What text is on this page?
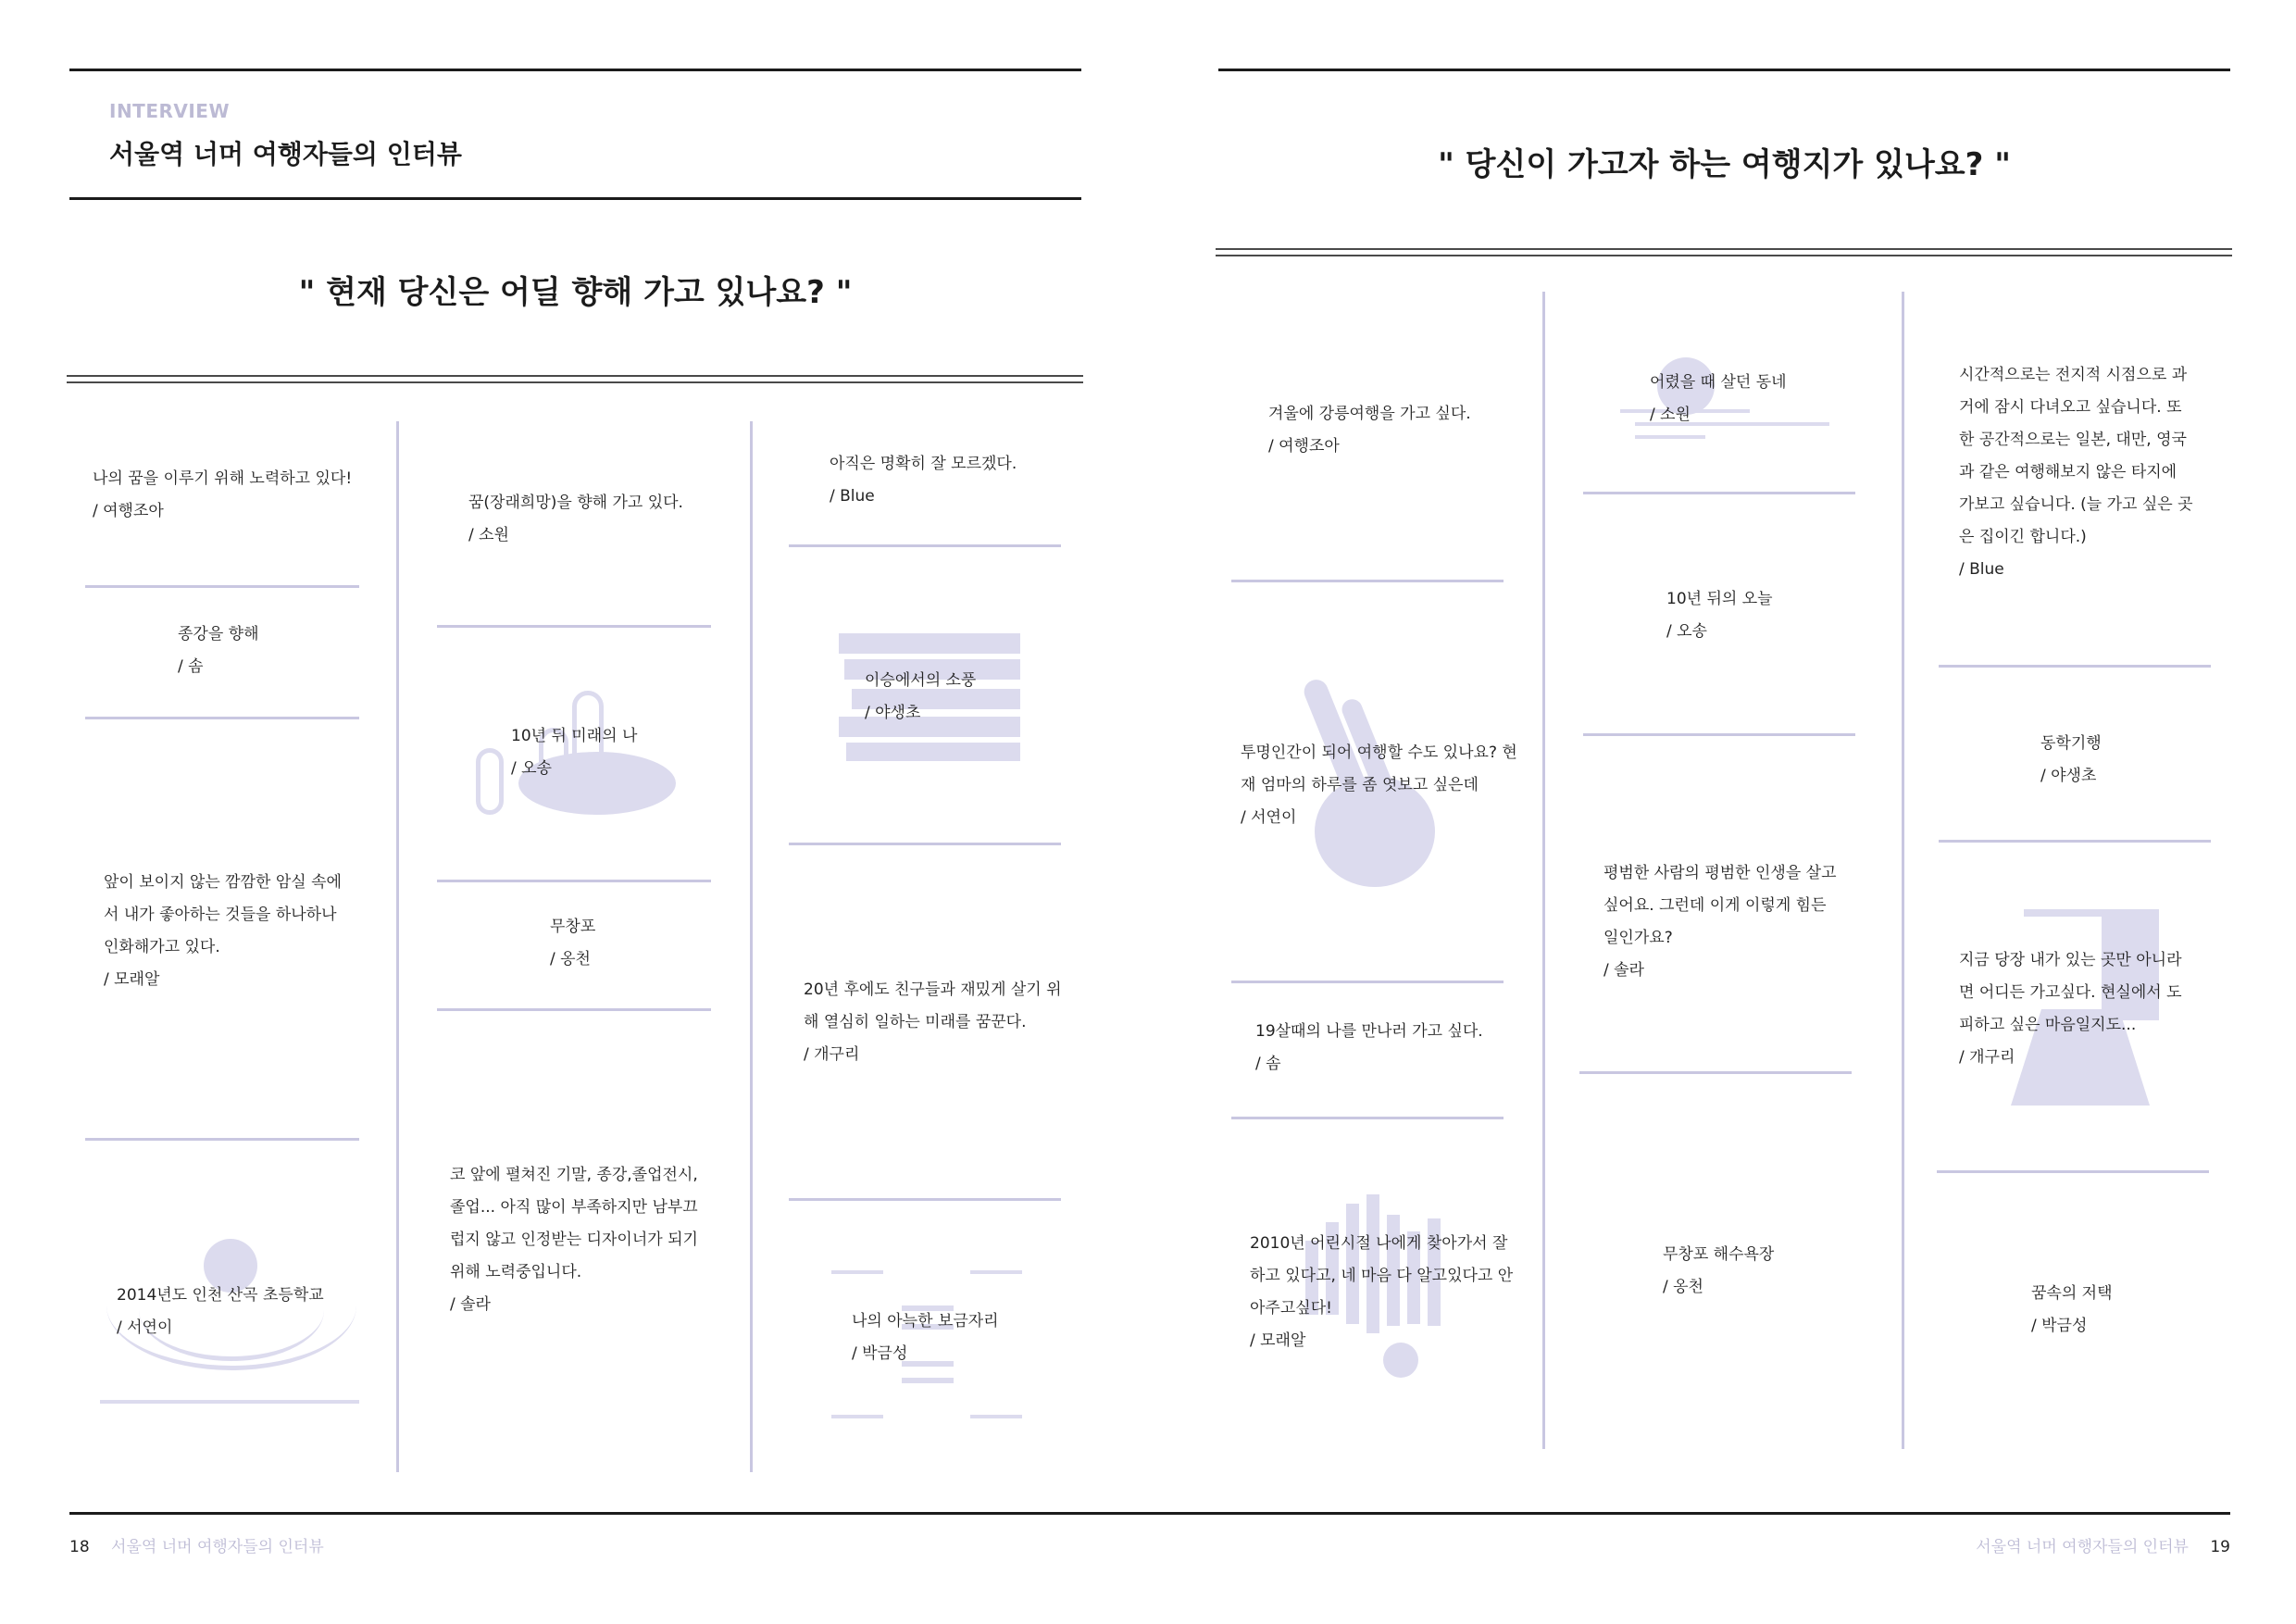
INTERVIEW
서울역 너머 여행자들의 인터뷰
" 현재 당신은 어딜 향해 가고 있나요? "

나의 꿈을 이루기 위해 노력하고 있다!

/ 여행조아

종강을 향해

/ 솜

앞이 보이지 않는 깜깜한 암실 속에서 내가 좋아하는 것들을 하나하나 인화해가고 있다.

/ 모래알

2014년도 인천 산곡 초등학교

/ 서연이

꿈(장래희망)을 향해 가고 있다.

/ 소원

10년 뒤 미래의 나

/ 오송

무창포

/ 옹천

코 앞에 펼쳐진 기말, 종강,졸업전시, 졸업... 아직 많이 부족하지만 남부끄럽지 않고 인정받는 디자이너가 되기 위해 노력중입니다.

/ 솔라

아직은 명확히 잘 모르겠다.

/ Blue

이승에서의 소풍

/ 야생초

20년 후에도 친구들과 재밌게 살기 위해 열심히 일하는 미래를 꿈꾼다.

/ 개구리

나의 아늑한 보금자리

/ 박금성

18 서울역 너머 여행자들의 인터뷰
" 당신이 가고자 하는 여행지가 있나요? "

겨울에 강릉여행을 가고 싶다.

/ 여행조아

투명인간이 되어 여행할 수도 있나요? 현재 엄마의 하루를 좀 엿보고 싶은데

/ 서연이

19살때의 나를 만나러 가고 싶다.

/ 솜

2010년 어린시절 나에게 찾아가서 잘하고 있다고, 네 마음 다 알고있다고 안아주고싶다!

/ 모래알

어렸을 때 살던 동네

/ 소원

10년 뒤의 오늘

/ 오송

평범한 사람의 평범한 인생을 살고 싶어요. 그런데 이게 이렇게 힘든 일인가요?

/ 솔라

무창포 해수욕장

/ 옹천

시간적으로는 전지적 시점으로 과거에 잠시 다녀오고 싶습니다. 또 한 공간적으로는 일본, 대만, 영국과 같은 여행해보지 않은 타지에 가보고 싶습니다. (늘 가고 싶은 곳은 집이긴 합니다.)

/ Blue

동학기행

/ 야생초

지금 당장 내가 있는 곳만 아니라면 어디든 가고싶다. 현실에서 도피하고 싶은 마음일지도...

/ 개구리

꿈속의 저택

/ 박금성

서울역 너머 여행자들의 인터뷰 19
